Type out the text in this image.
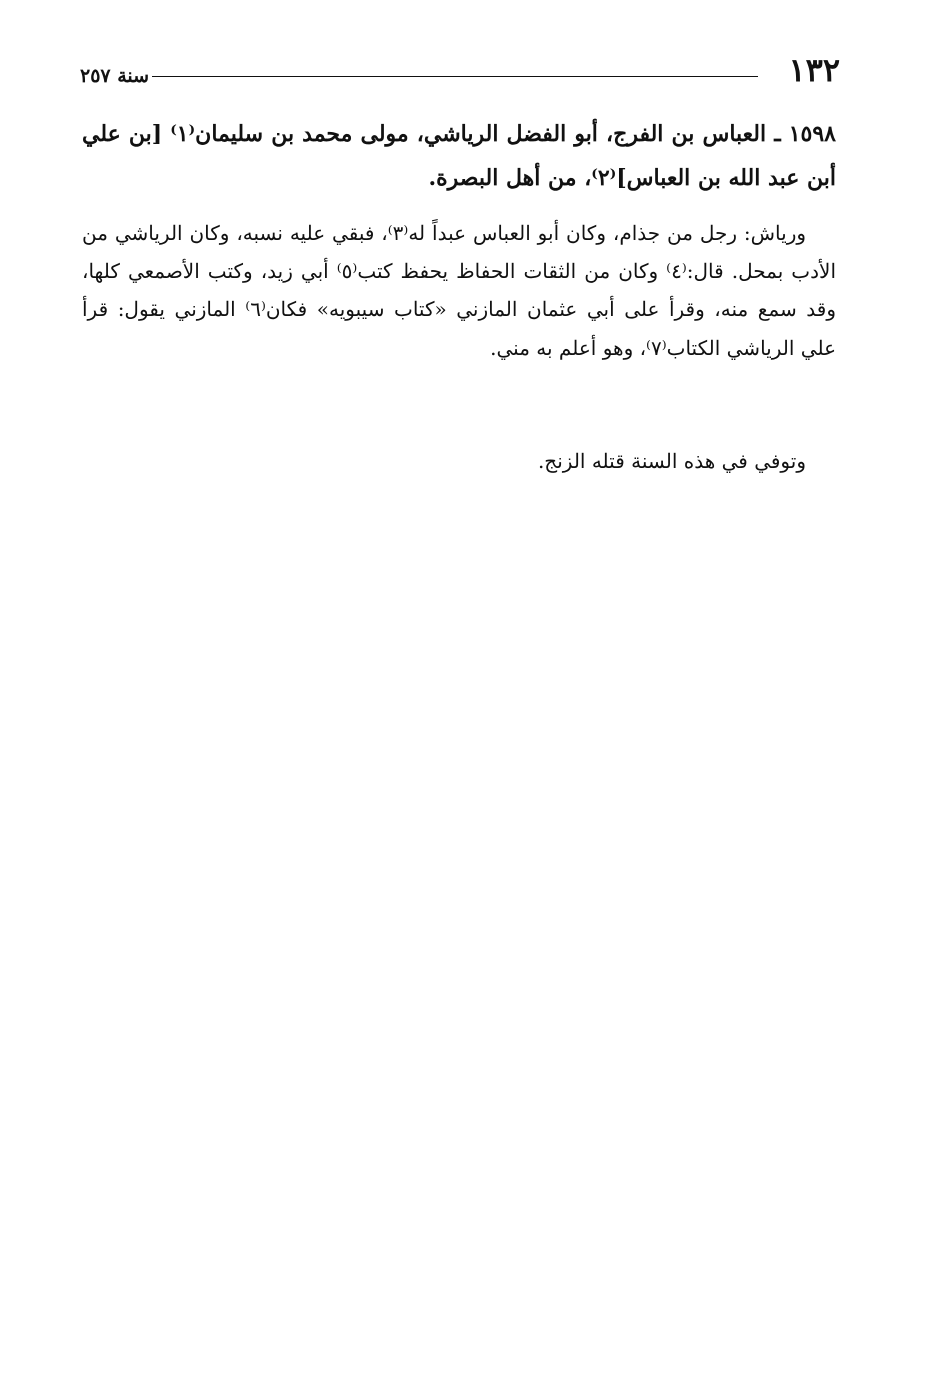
١٣٢
سنة ٢٥٧
١٥٩٨ ـ العباس بن الفرج، أبو الفضل الرياشي، مولى محمد بن سليمان⁽١⁾ [بن علي أبن عبد الله بن العباس]⁽٢⁾، من أهل البصرة.
ورياش: رجل من جذام، وكان أبو العباس عبداً له⁽٣⁾، فبقي عليه نسبه، وكان الرياشي من الأدب بمحل. قال:⁽٤⁾ وكان من الثقات الحفاظ يحفظ كتب⁽٥⁾ أبي زيد، وكتب الأصمعي كلها، وقد سمع منه، وقرأ على أبي عثمان المازني «كتاب سيبويه» فكان⁽٦⁾ المازني يقول: قرأ علي الرياشي الكتاب⁽٧⁾، وهو أعلم به مني.
وتوفي في هذه السنة قتله الزنج.
